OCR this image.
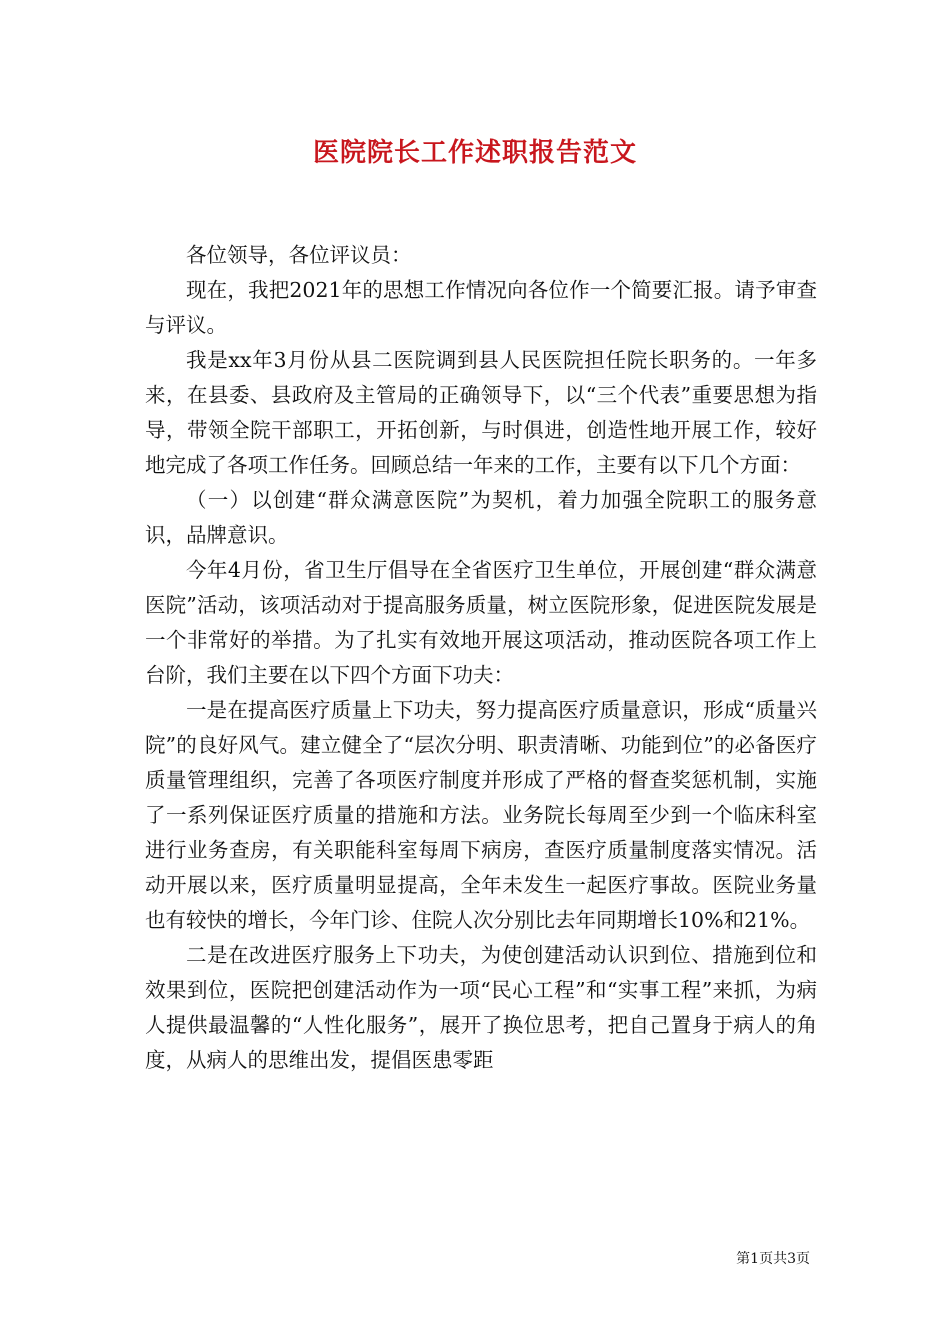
医院院长工作述职报告范文

各位领导，各位评议员：

现在，我把2021年的思想工作情况向各位作一个简要汇报。请予审查与评议。

我是xx年3月份从县二医院调到县人民医院担任院长职务的。一年多来，在县委、县政府及主管局的正确领导下，以“三个代表”重要思想为指导，带领全院干部职工，开拓创新，与时俱进，创造性地开展工作，较好地完成了各项工作任务。回顾总结一年来的工作，主要有以下几个方面：

（一）以创建“群众满意医院”为契机，着力加强全院职工的服务意识，品牌意识。

今年4月份，省卫生厅倡导在全省医疗卫生单位，开展创建“群众满意医院”活动，该项活动对于提高服务质量，树立医院形象，促进医院发展是一个非常好的举措。为了扎实有效地开展这项活动，推动医院各项工作上台阶，我们主要在以下四个方面下功夫：

一是在提高医疗质量上下功夫，努力提高医疗质量意识，形成“质量兴院”的良好风气。建立健全了“层次分明、职责清晰、功能到位”的必备医疗质量管理组织，完善了各项医疗制度并形成了严格的督查奖惩机制，实施了一系列保证医疗质量的措施和方法。业务院长每周至少到一个临床科室进行业务查房，有关职能科室每周下病房，查医疗质量制度落实情况。活动开展以来，医疗质量明显提高，全年未发生一起医疗事故。医院业务量也有较快的增长，今年门诊、住院人次分别比去年同期增长10%和21%。

二是在改进医疗服务上下功夫，为使创建活动认识到位、措施到位和效果到位，医院把创建活动作为一项“民心工程”和“实事工程”来抓，为病人提供最温馨的“人性化服务”，展开了换位思考，把自己置身于病人的角度，从病人的思维出发，提倡医患零距

第1页共3页
